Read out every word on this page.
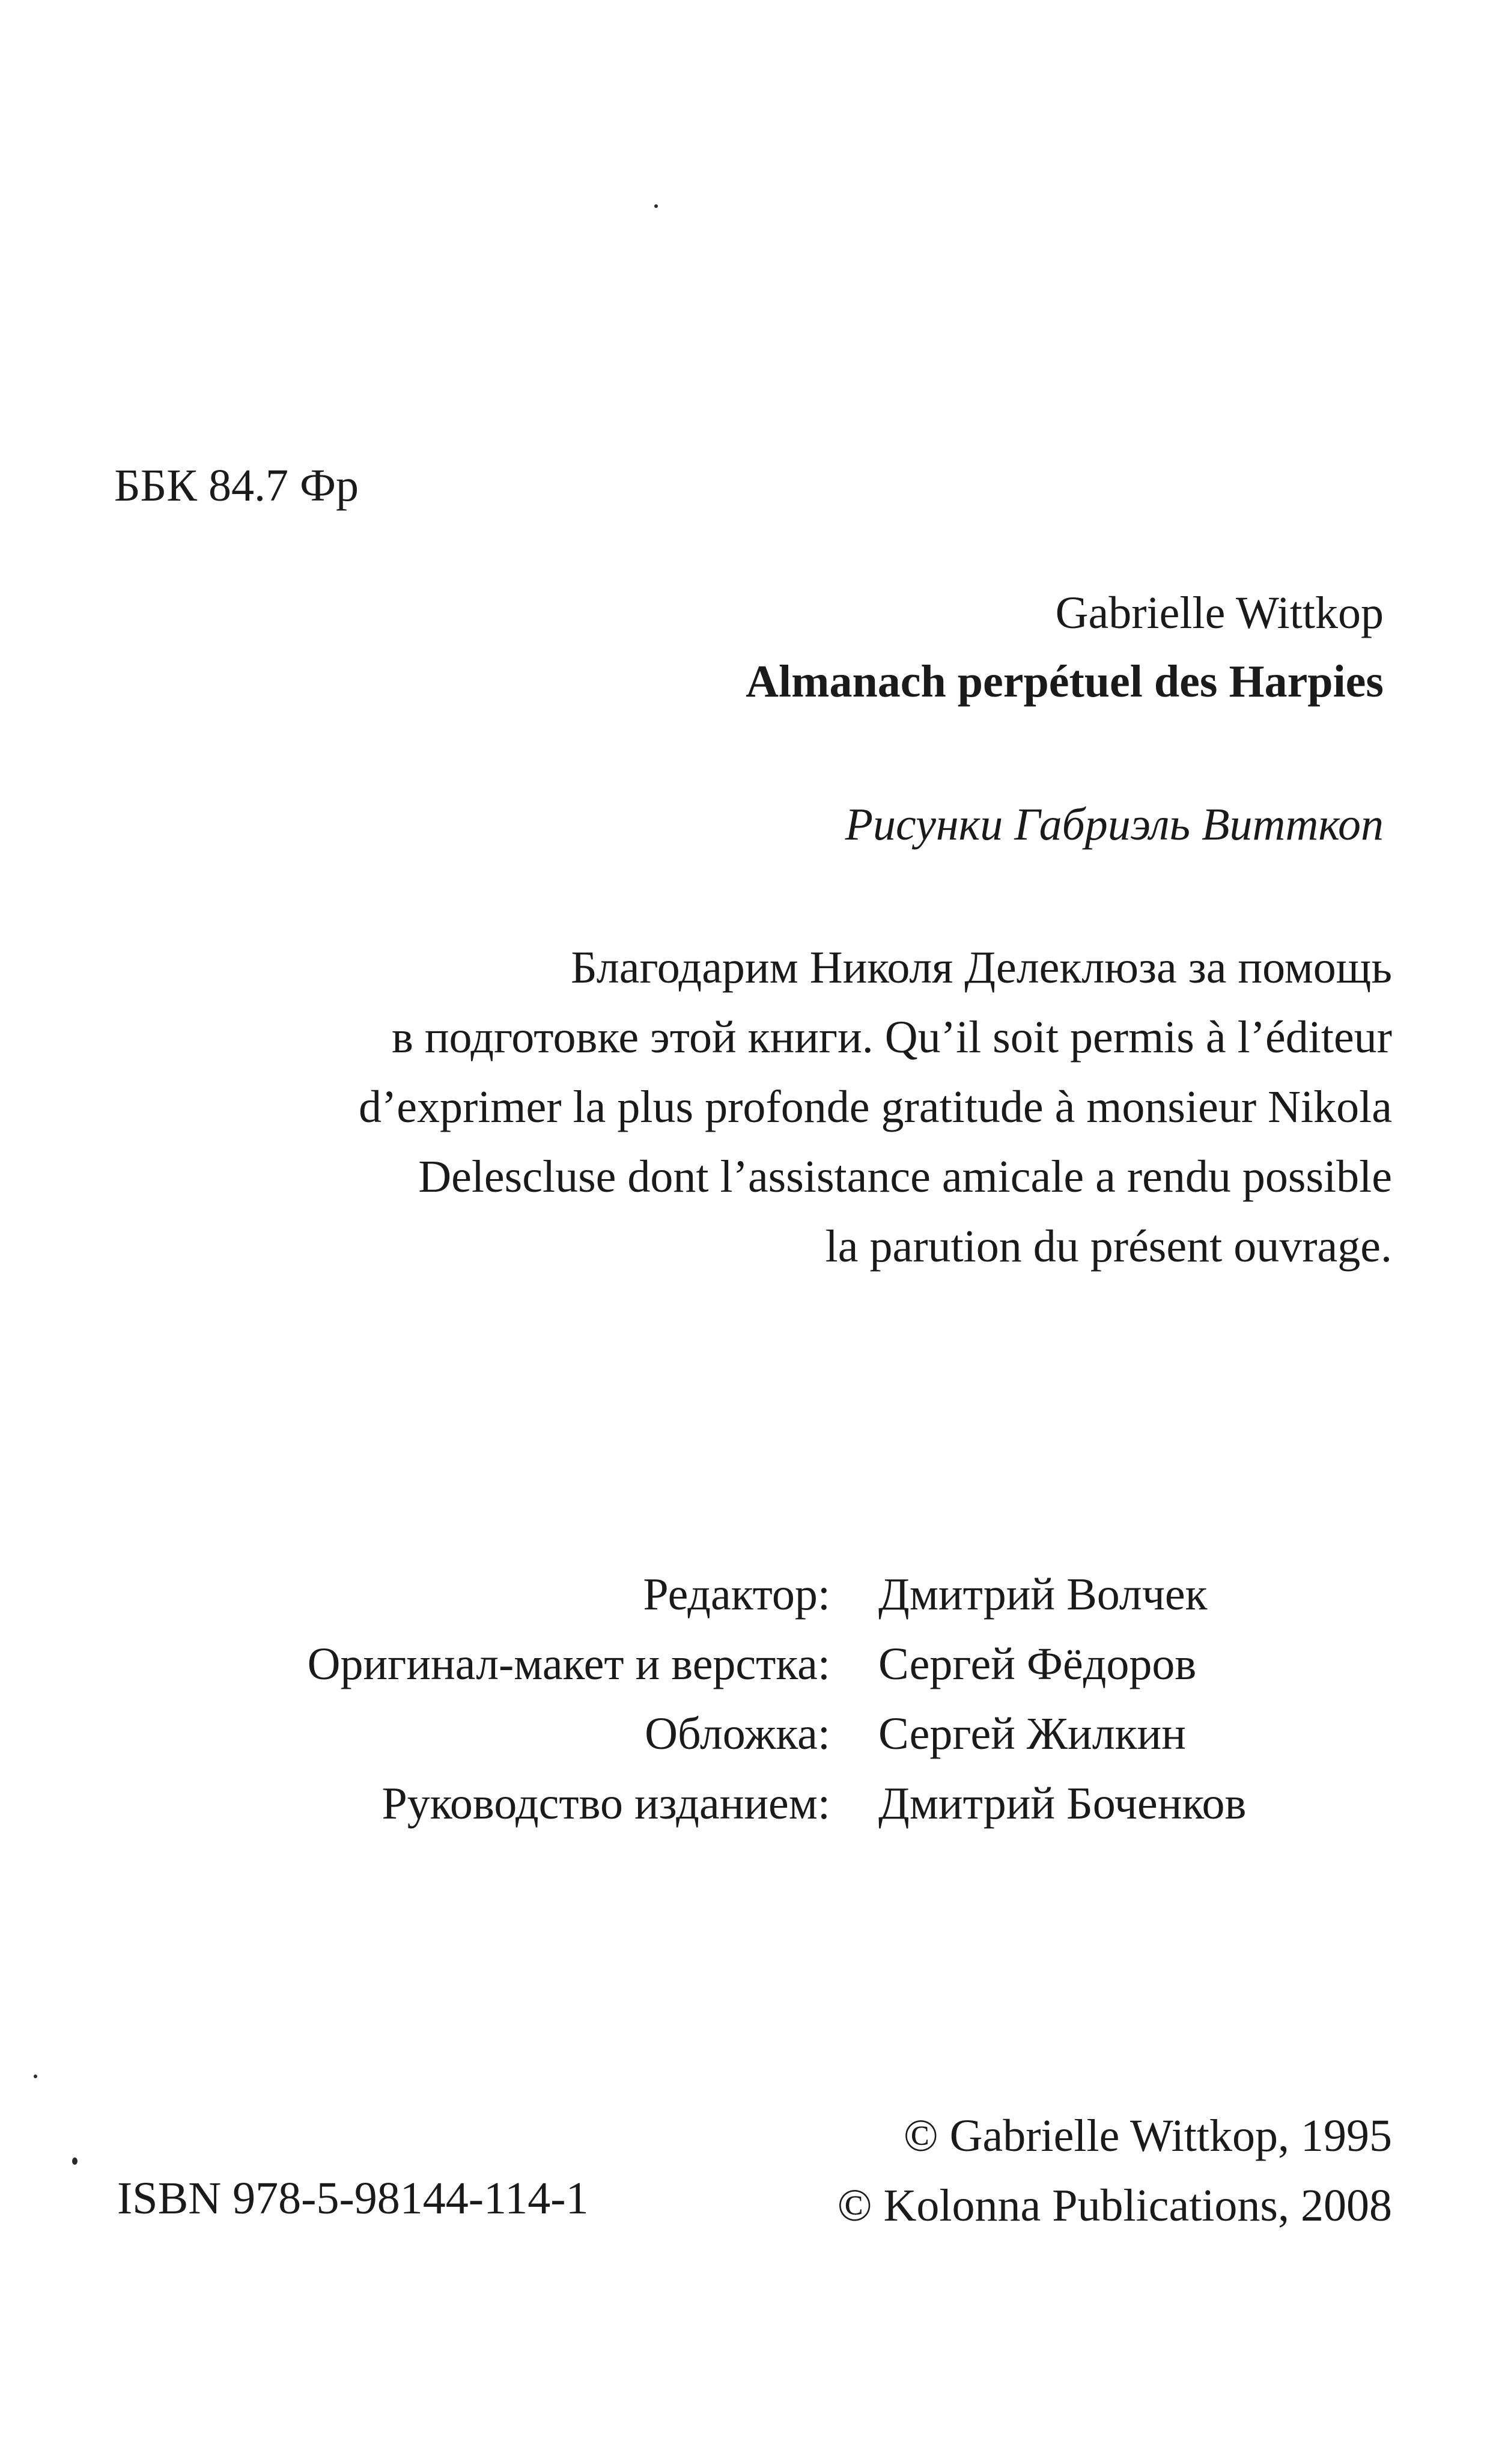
ББК 84.7 Фр
Gabrielle Wittkop
Almanach perpétuel des Harpies
Рисунки Габриэль Витткоп
Благодарим Николя Делеклюза за помощь
в подготовке этой книги. Qu’il soit permis à l’éditeur
d’exprimer la plus profonde gratitude à monsieur Nikola
Delescluse dont l’assistance amicale a rendu possible
la parution du présent ouvrage.
Редактор: Дмитрий Волчек
Оригинал-макет и верстка: Сергей Фёдоров
Обложка: Сергей Жилкин
Руководство изданием: Дмитрий Боченков
© Gabrielle Wittkop, 1995
© Kolonna Publications, 2008
ISBN 978-5-98144-114-1
